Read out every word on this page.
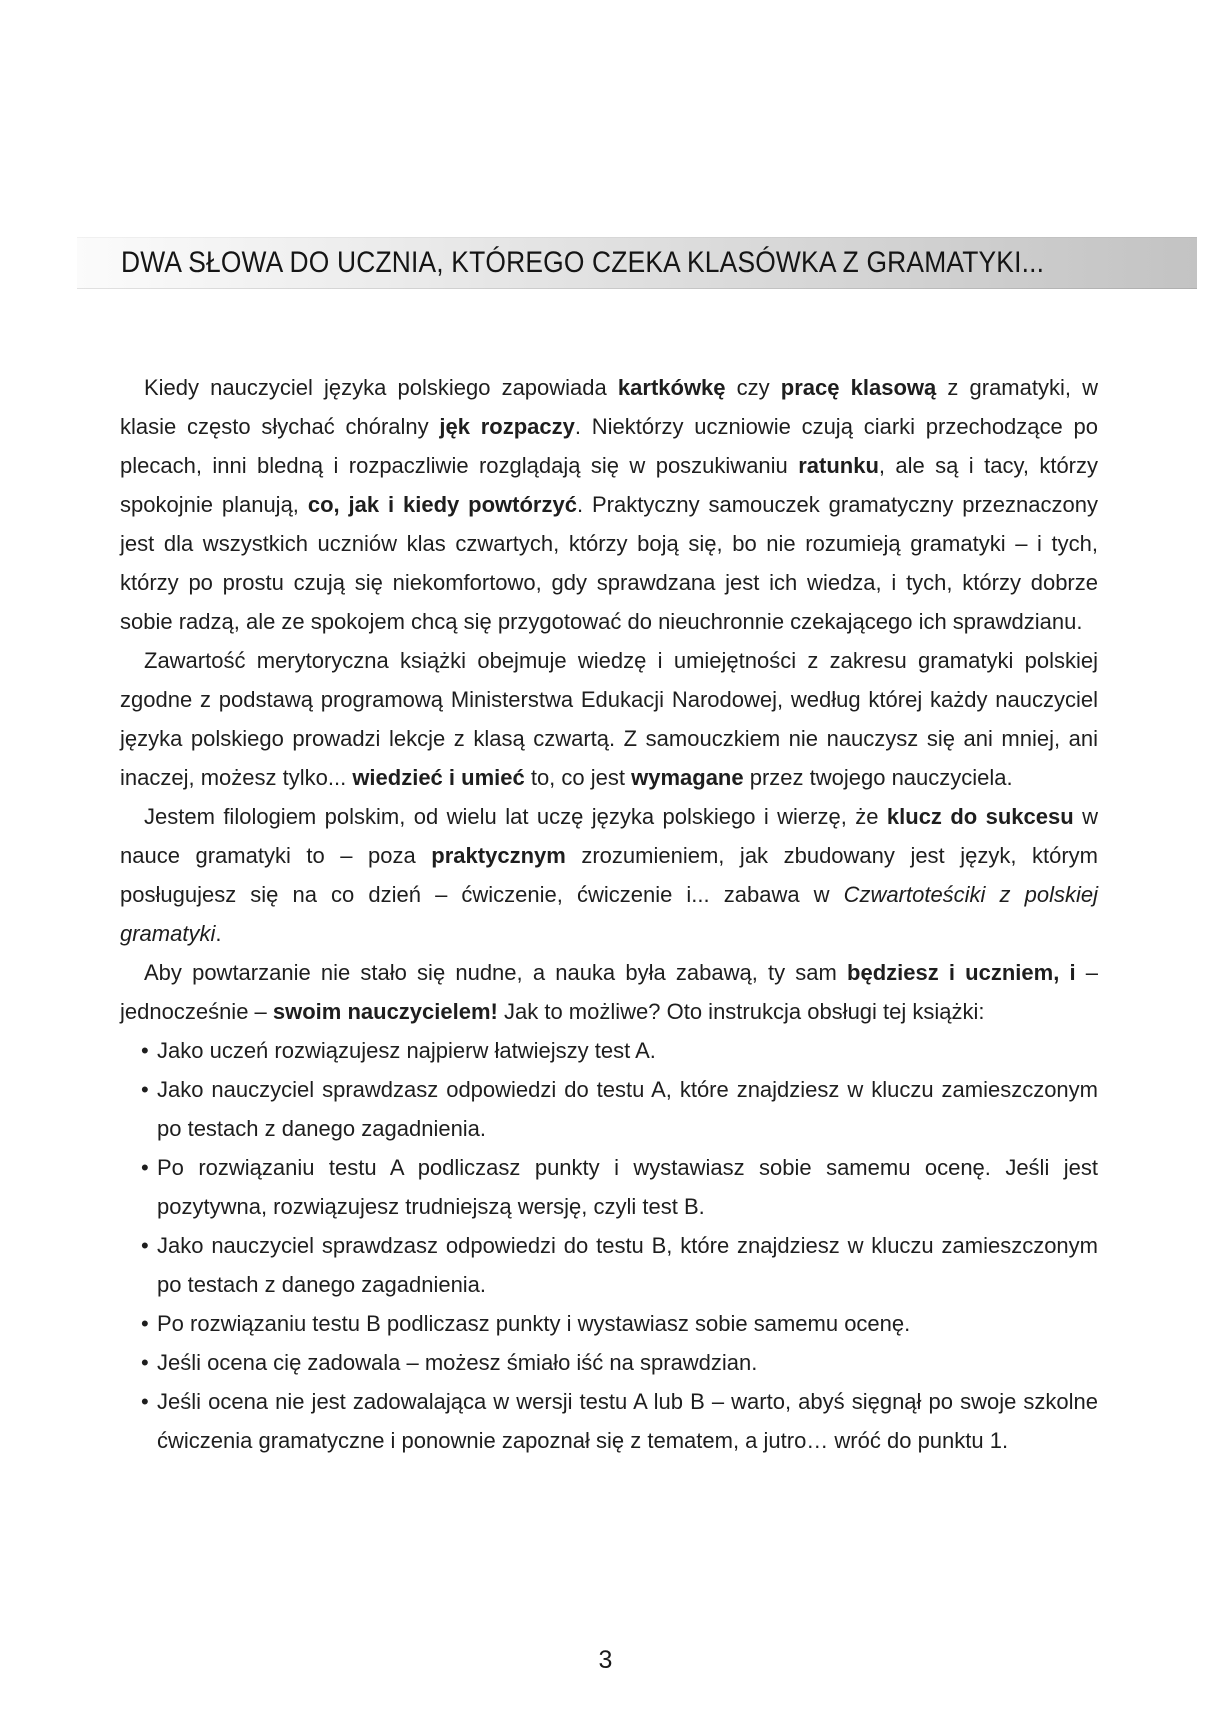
DWA SŁOWA DO UCZNIA, KTÓREGO CZEKA KLASÓWKA Z GRAMATYKI...

Kiedy nauczyciel języka polskiego zapowiada kartkówkę czy pracę klasową z gramatyki, w klasie często słychać chóralny jęk rozpaczy. Niektórzy uczniowie czują ciarki przechodzące po plecach, inni bledną i rozpaczliwie rozglądają się w poszukiwaniu ratunku, ale są i tacy, którzy spokojnie planują, co, jak i kiedy powtórzyć. Praktyczny samouczek gramatyczny przeznaczony jest dla wszystkich uczniów klas czwartych, którzy boją się, bo nie rozumieją gramatyki – i tych, którzy po prostu czują się niekomfortowo, gdy sprawdzana jest ich wiedza, i tych, którzy dobrze sobie radzą, ale ze spokojem chcą się przygotować do nieuchronnie czekającego ich sprawdzianu.

Zawartość merytoryczna książki obejmuje wiedzę i umiejętności z zakresu gramatyki polskiej zgodne z podstawą programową Ministerstwa Edukacji Narodowej, według której każdy nauczyciel języka polskiego prowadzi lekcje z klasą czwartą. Z samouczkiem nie nauczysz się ani mniej, ani inaczej, możesz tylko... wiedzieć i umieć to, co jest wymagane przez twojego nauczyciela.

Jestem filologiem polskim, od wielu lat uczę języka polskiego i wierzę, że klucz do sukcesu w nauce gramatyki to – poza praktycznym zrozumieniem, jak zbudowany jest język, którym posługujesz się na co dzień – ćwiczenie, ćwiczenie i... zabawa w Czwartoteściki z polskiej gramatyki.

Aby powtarzanie nie stało się nudne, a nauka była zabawą, ty sam będziesz i uczniem, i – jednocześnie – swoim nauczycielem! Jak to możliwe? Oto instrukcja obsługi tej książki:

• Jako uczeń rozwiązujesz najpierw łatwiejszy test A.
• Jako nauczyciel sprawdzasz odpowiedzi do testu A, które znajdziesz w kluczu zamieszczonym po testach z danego zagadnienia.
• Po rozwiązaniu testu A podliczasz punkty i wystawiasz sobie samemu ocenę. Jeśli jest pozytywna, rozwiązujesz trudniejszą wersję, czyli test B.
• Jako nauczyciel sprawdzasz odpowiedzi do testu B, które znajdziesz w kluczu zamieszczonym po testach z danego zagadnienia.
• Po rozwiązaniu testu B podliczasz punkty i wystawiasz sobie samemu ocenę.
• Jeśli ocena cię zadowala – możesz śmiało iść na sprawdzian.
• Jeśli ocena nie jest zadowalająca w wersji testu A lub B – warto, abyś sięgnął po swoje szkolne ćwiczenia gramatyczne i ponownie zapoznał się z tematem, a jutro… wróć do punktu 1.
3
